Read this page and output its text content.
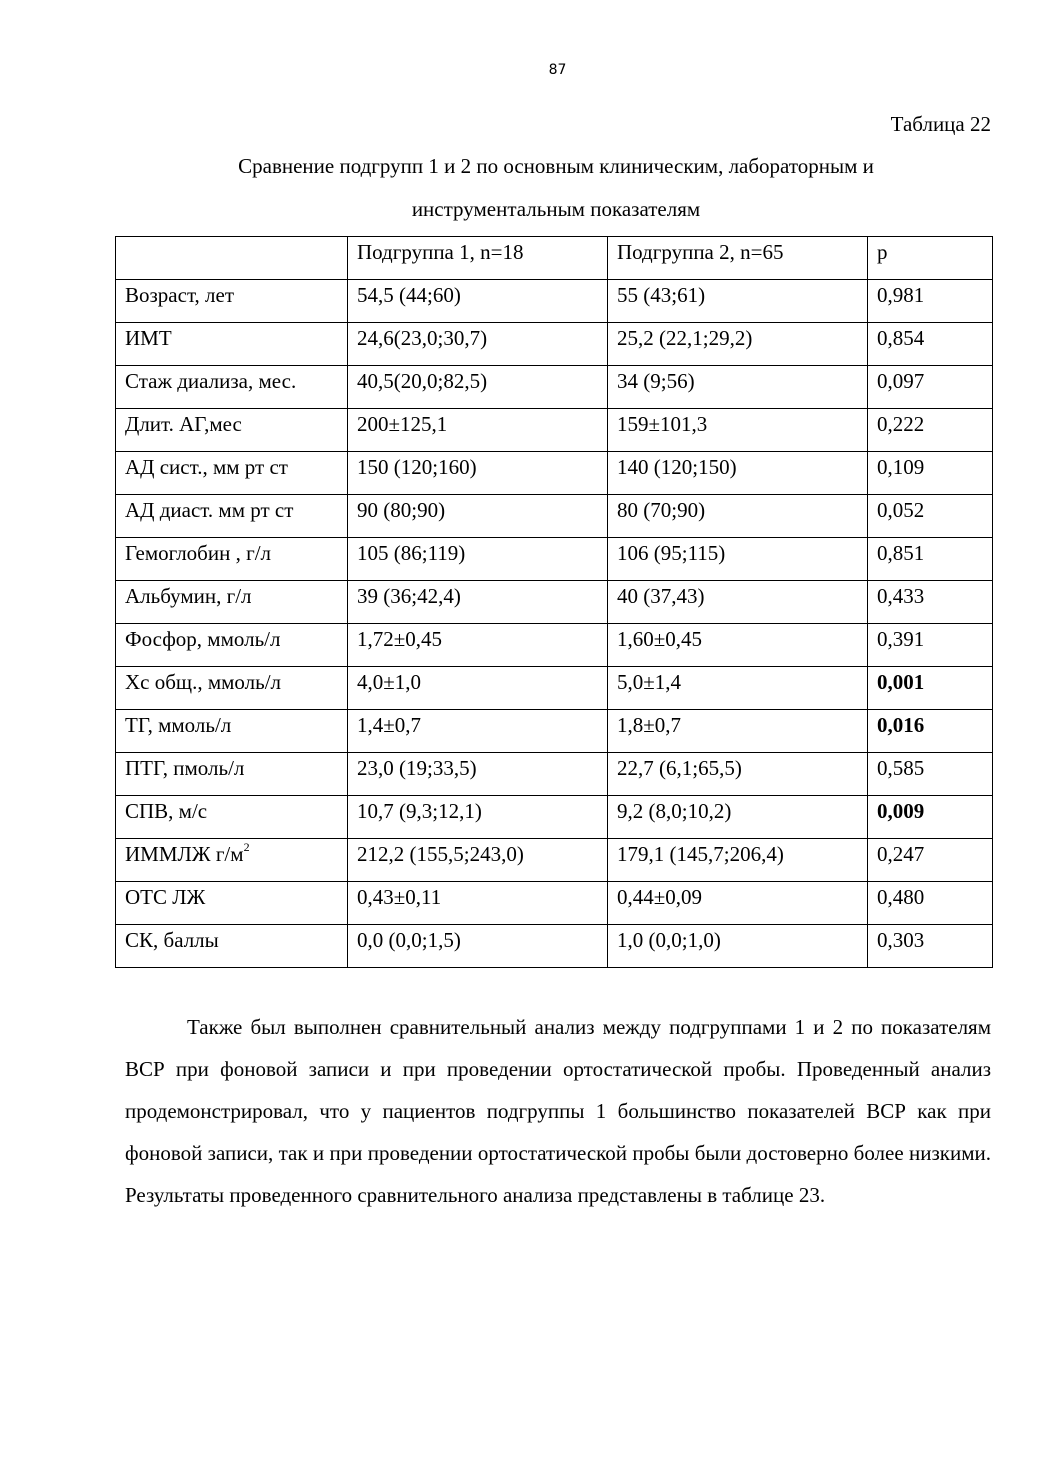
87
Таблица 22
Сравнение подгрупп 1 и 2 по основным клиническим, лабораторным и
инструментальным показателям
	Подгруппа 1, n=18	Подгруппа 2, n=65	p
Возраст, лет	54,5 (44;60)	55 (43;61)	0,981
ИМТ	24,6(23,0;30,7)	25,2 (22,1;29,2)	0,854
Стаж диализа, мес.	40,5(20,0;82,5)	34 (9;56)	0,097
Длит. АГ,мес	200±125,1	159±101,3	0,222
АД сист., мм рт ст	150 (120;160)	140 (120;150)	0,109
АД диаст. мм рт ст	90 (80;90)	80 (70;90)	0,052
Гемоглобин , г/л	105 (86;119)	106 (95;115)	0,851
Альбумин, г/л	39 (36;42,4)	40 (37,43)	0,433
Фосфор, ммоль/л	1,72±0,45	1,60±0,45	0,391
Хс общ., ммоль/л	4,0±1,0	5,0±1,4	0,001
ТГ, ммоль/л	1,4±0,7	1,8±0,7	0,016
ПТГ, пмоль/л	23,0 (19;33,5)	22,7 (6,1;65,5)	0,585
СПВ, м/с	10,7 (9,3;12,1)	9,2 (8,0;10,2)	0,009
ИММЛЖ $г/м^2$	212,2 (155,5;243,0)	179,1 (145,7;206,4)	0,247
ОТС ЛЖ	0,43±0,11	0,44±0,09	0,480
СК, баллы	0,0 (0,0;1,5)	1,0 (0,0;1,0)	0,303

Также был выполнен сравнительный анализ между подгруппами 1 и 2 по показателям ВСР при фоновой записи и при проведении ортостатической пробы. Проведенный анализ продемонстрировал, что у пациентов подгруппы 1 большинство показателей ВСР как при фоновой записи, так и при проведении ортостатической пробы были достоверно более низкими. Результаты проведенного сравнительного анализа представлены в таблице 23.
